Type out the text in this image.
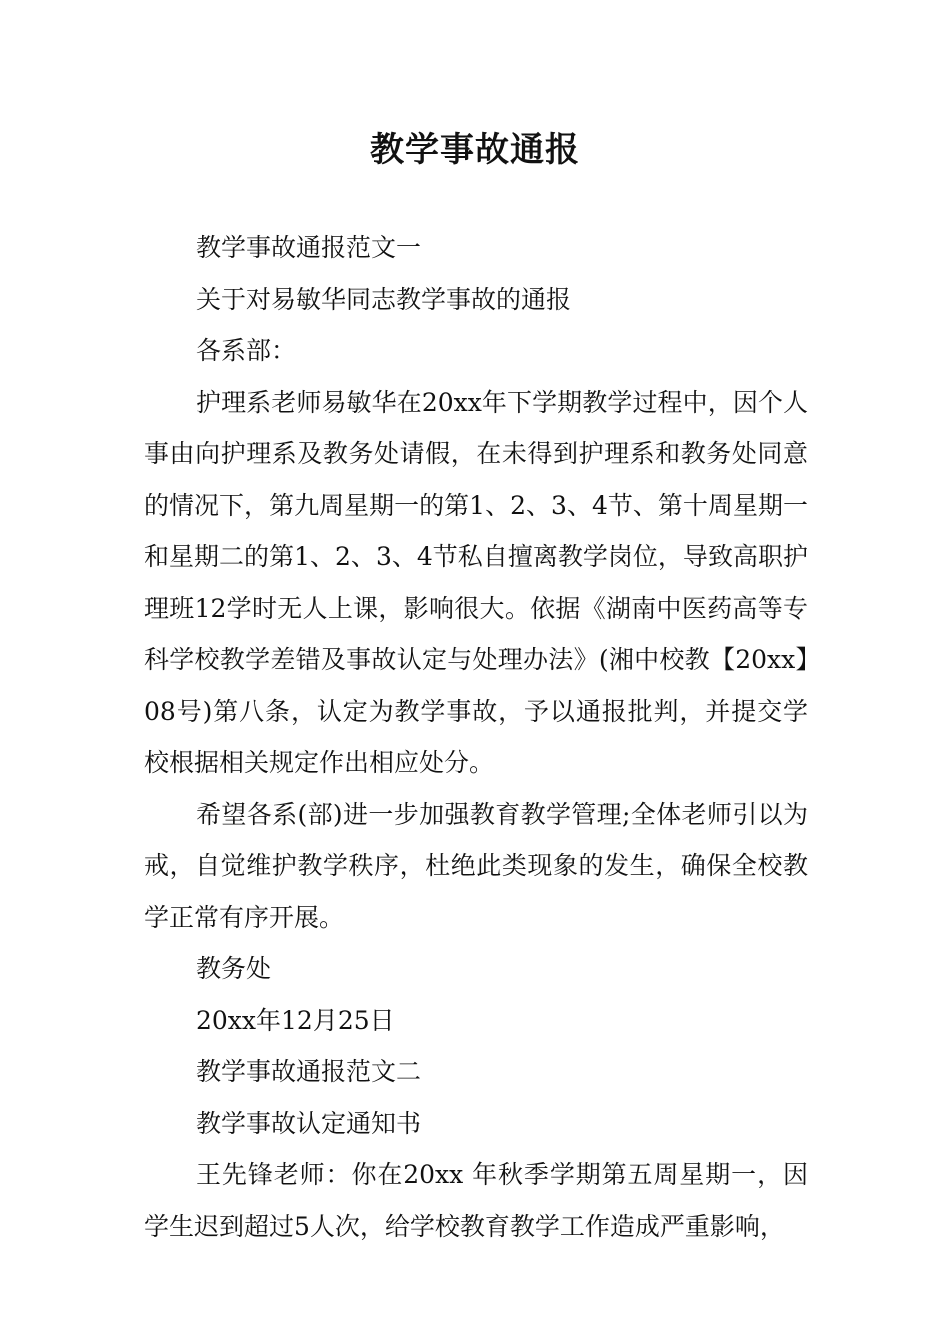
教学事故通报

教学事故通报范文一

关于对易敏华同志教学事故的通报

各系部：

护理系老师易敏华在20xx年下学期教学过程中，因个人事由向护理系及教务处请假，在未得到护理系和教务处同意的情况下，第九周星期一的第1、2、3、4节、第十周星期一和星期二的第1、2、3、4节私自擅离教学岗位，导致高职护理班12学时无人上课，影响很大。依据《湖南中医药高等专科学校教学差错及事故认定与处理办法》(湘中校教【20xx】08号)第八条，认定为教学事故，予以通报批判，并提交学校根据相关规定作出相应处分。

希望各系(部)进一步加强教育教学管理;全体老师引以为戒，自觉维护教学秩序，杜绝此类现象的发生，确保全校教学正常有序开展。

教务处

20xx年12月25日

教学事故通报范文二

教学事故认定通知书

王先锋老师：你在20xx 年秋季学期第五周星期一，因学生迟到超过5人次，给学校教育教学工作造成严重影响，
